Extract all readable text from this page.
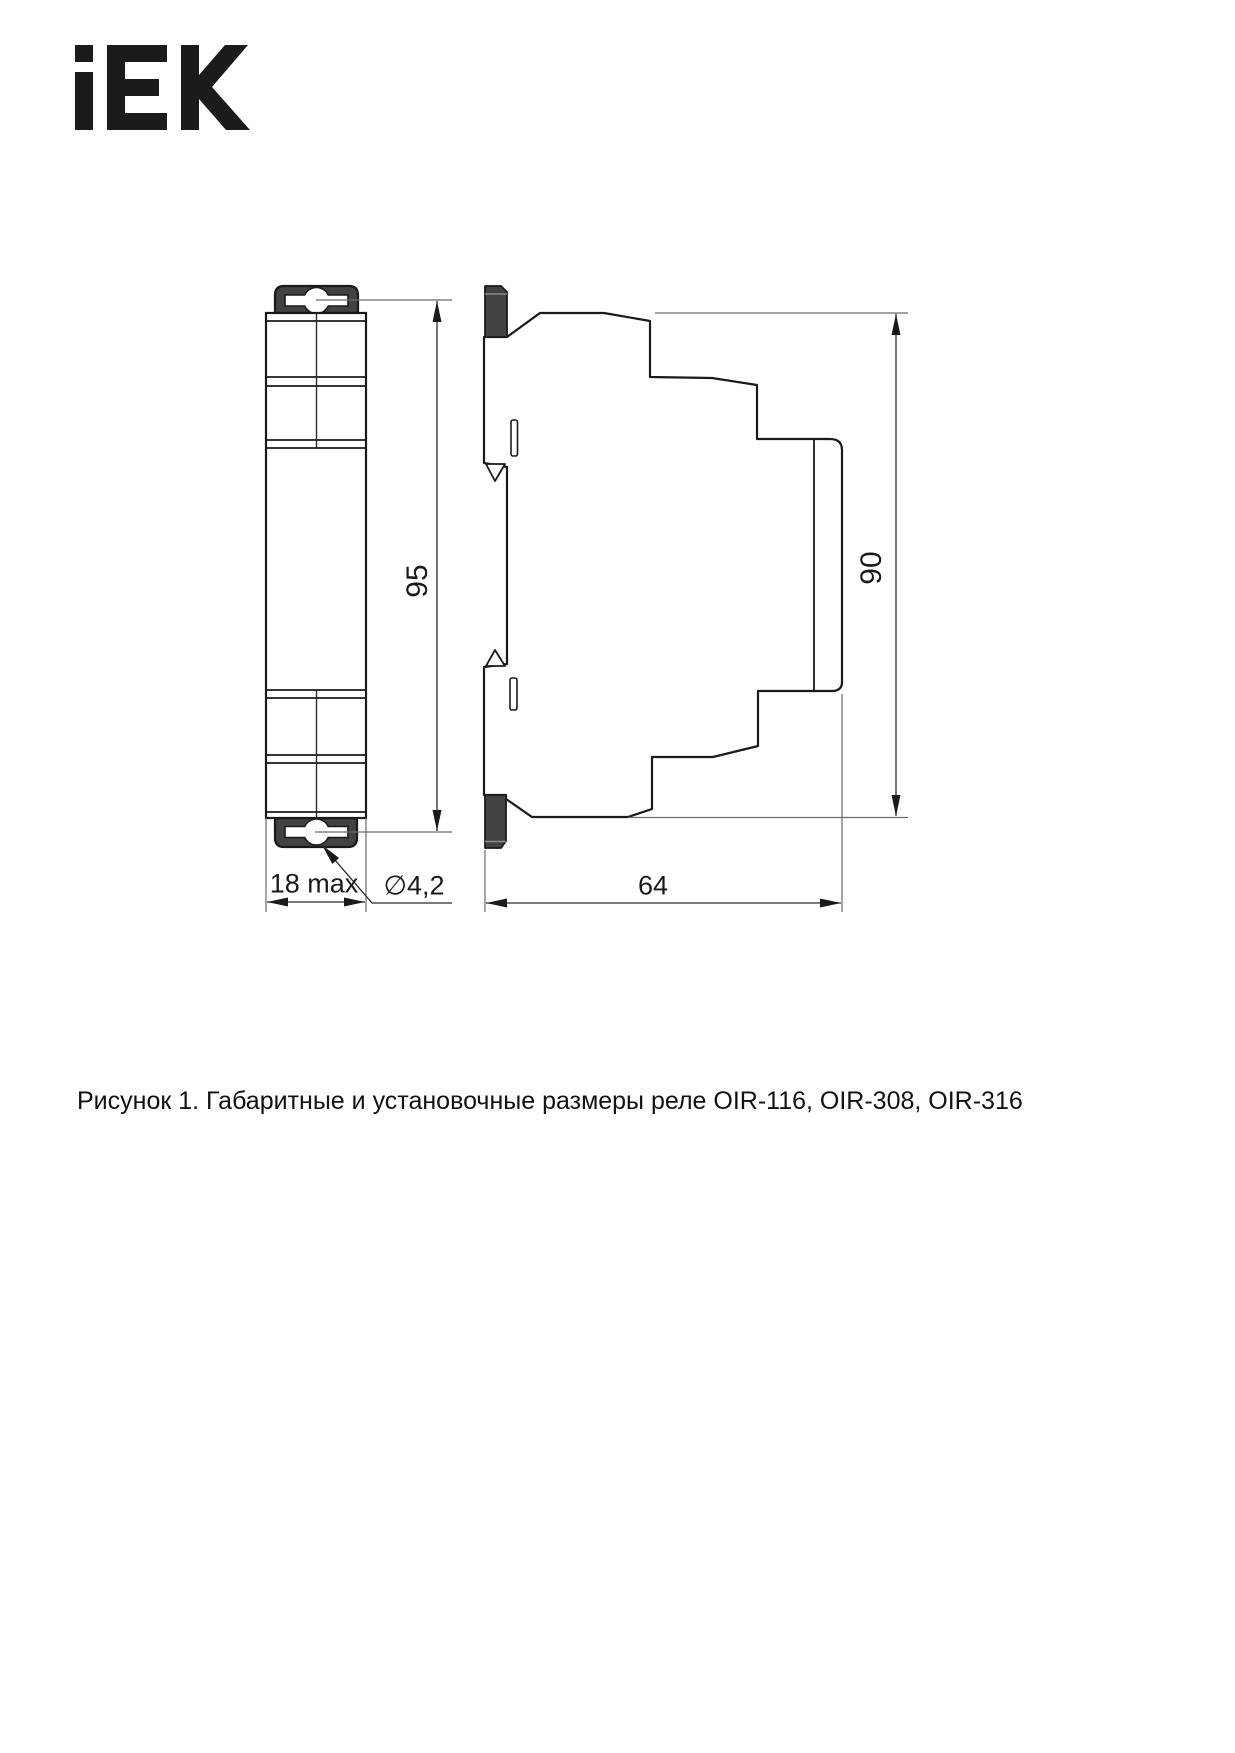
95	90
18 max ∅4,2	64
Рисунок 1. Габаритные и установочные размеры реле OIR-116, OIR-308, OIR-316
